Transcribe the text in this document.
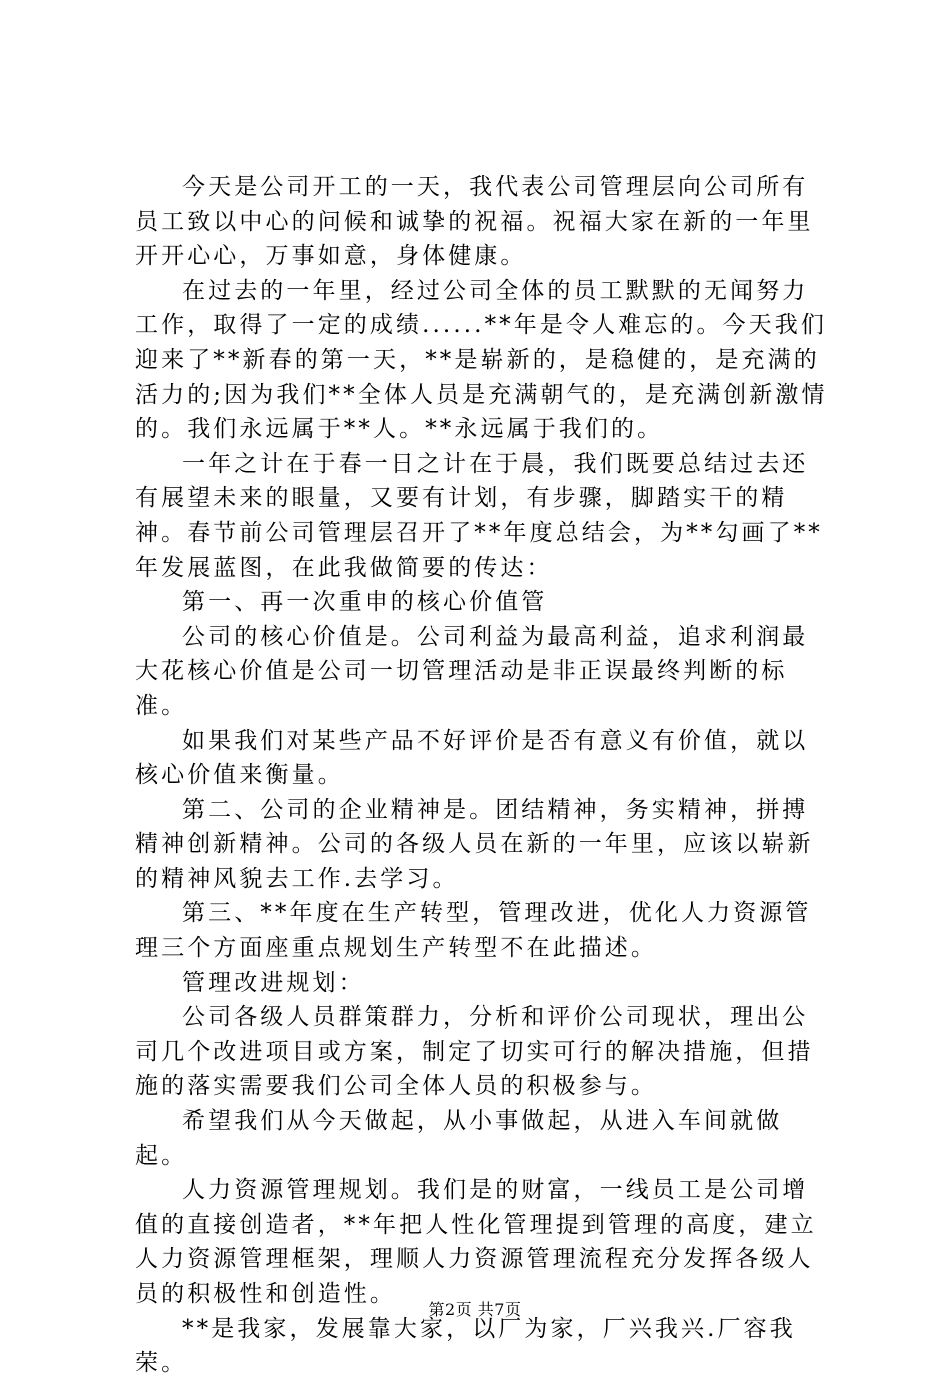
今天是公司开工的一天，我代表公司管理层向公司所有员工致以中心的问候和诚挚的祝福。祝福大家在新的一年里开开心心，万事如意，身体健康。

在过去的一年里，经过公司全体的员工默默的无闻努力工作，取得了一定的成绩......**年是令人难忘的。今天我们迎来了**新春的第一天，**是崭新的，是稳健的，是充满的活力的;因为我们**全体人员是充满朝气的，是充满创新激情的。我们永远属于**人。**永远属于我们的。

一年之计在于春一日之计在于晨，我们既要总结过去还有展望未来的眼量，又要有计划，有步骤，脚踏实干的精神。春节前公司管理层召开了**年度总结会，为**勾画了**年发展蓝图，在此我做简要的传达：

第一、再一次重申的核心价值管

公司的核心价值是。公司利益为最高利益，追求利润最大花核心价值是公司一切管理活动是非正误最终判断的标准。

如果我们对某些产品不好评价是否有意义有价值，就以核心价值来衡量。

第二、公司的企业精神是。团结精神，务实精神，拼搏精神创新精神。公司的各级人员在新的一年里，应该以崭新的精神风貌去工作.去学习。

第三、**年度在生产转型，管理改进，优化人力资源管理三个方面座重点规划生产转型不在此描述。

管理改进规划：

公司各级人员群策群力，分析和评价公司现状，理出公司几个改进项目或方案，制定了切实可行的解决措施，但措施的落实需要我们公司全体人员的积极参与。

希望我们从今天做起，从小事做起，从进入车间就做起。

人力资源管理规划。我们是的财富，一线员工是公司增值的直接创造者，**年把人性化管理提到管理的高度，建立人力资源管理框架，理顺人力资源管理流程充分发挥各级人员的积极性和创造性。

**是我家，发展靠大家，以厂为家，厂兴我兴.厂容我荣。

第2页 共7页
